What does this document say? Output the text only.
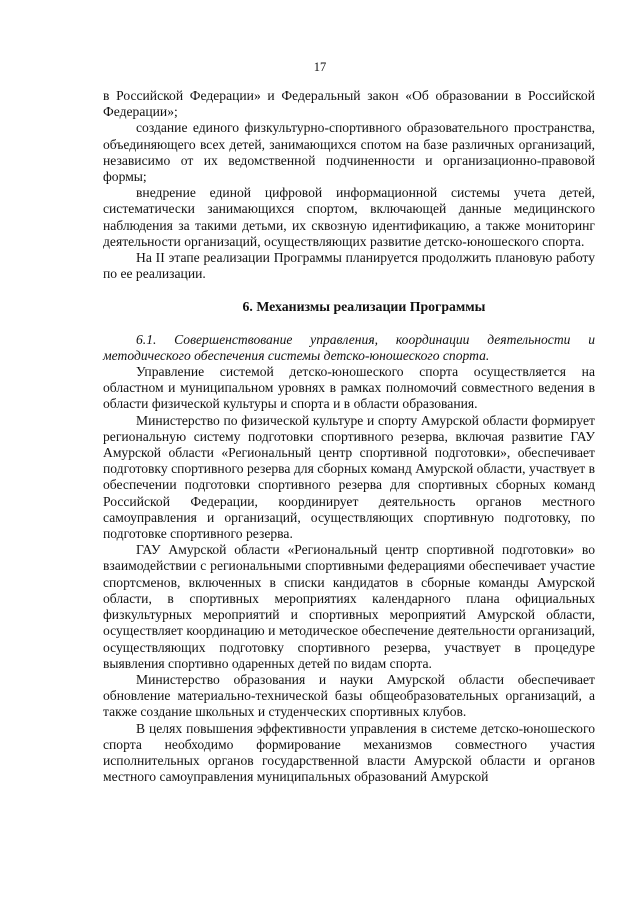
17

в Российской Федерации» и Федеральный закон «Об образовании в Российской Федерации»;

создание единого физкультурно-спортивного образовательного пространства, объединяющего всех детей, занимающихся спотом на базе различных организаций, независимо от их ведомственной подчиненности и организационно-правовой формы;

внедрение единой цифровой информационной системы учета детей, систематически занимающихся спортом, включающей данные медицинского наблюдения за такими детьми, их сквозную идентификацию, а также мониторинг деятельности организаций, осуществляющих развитие детско-юношеского спорта.

На II этапе реализации Программы планируется продолжить плановую работу по ее реализации.

6. Механизмы реализации Программы

6.1. Совершенствование управления, координации деятельности и методического обеспечения системы детско-юношеского спорта.

Управление системой детско-юношеского спорта осуществляется на областном и муниципальном уровнях в рамках полномочий совместного ведения в области физической культуры и спорта и в области образования.

Министерство по физической культуре и спорту Амурской области формирует региональную систему подготовки спортивного резерва, включая развитие ГАУ Амурской области «Региональный центр спортивной подготовки», обеспечивает подготовку спортивного резерва для сборных команд Амурской области, участвует в обеспечении подготовки спортивного резерва для спортивных сборных команд Российской Федерации, координирует деятельность органов местного самоуправления и организаций, осуществляющих спортивную подготовку, по подготовке спортивного резерва.

ГАУ Амурской области «Региональный центр спортивной подготовки» во взаимодействии с региональными спортивными федерациями обеспечивает участие спортсменов, включенных в списки кандидатов в сборные команды Амурской области, в спортивных мероприятиях календарного плана официальных физкультурных мероприятий и спортивных мероприятий Амурской области, осуществляет координацию и методическое обеспечение деятельности организаций, осуществляющих подготовку спортивного резерва, участвует в процедуре выявления спортивно одаренных детей по видам спорта.

Министерство образования и науки Амурской области обеспечивает обновление материально-технической базы общеобразовательных организаций, а также создание школьных и студенческих спортивных клубов.

В целях повышения эффективности управления в системе детско-юношеского спорта необходимо формирование механизмов совместного участия исполнительных органов государственной власти Амурской области и органов местного самоуправления муниципальных образований Амурской
